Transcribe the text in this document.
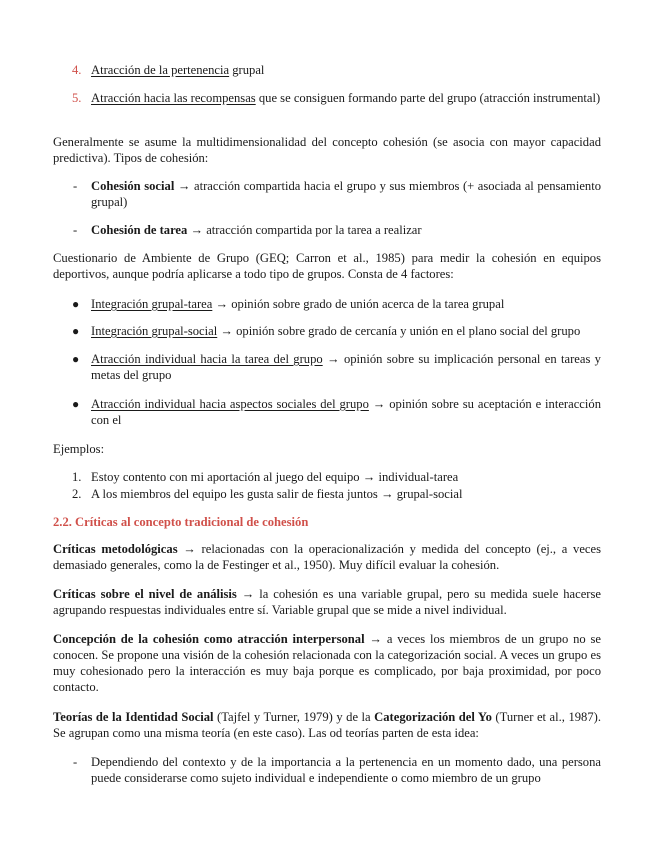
4. Atracción de la pertenencia grupal
5. Atracción hacia las recompensas que se consiguen formando parte del grupo (atracción instrumental)
Generalmente se asume la multidimensionalidad del concepto cohesión (se asocia con mayor capacidad predictiva). Tipos de cohesión:
- Cohesión social → atracción compartida hacia el grupo y sus miembros (+ asociada al pensamiento grupal)
- Cohesión de tarea → atracción compartida por la tarea a realizar
Cuestionario de Ambiente de Grupo (GEQ; Carron et al., 1985) para medir la cohesión en equipos deportivos, aunque podría aplicarse a todo tipo de grupos. Consta de 4 factores:
● Integración grupal-tarea → opinión sobre grado de unión acerca de la tarea grupal
● Integración grupal-social → opinión sobre grado de cercanía y unión en el plano social del grupo
● Atracción individual hacia la tarea del grupo → opinión sobre su implicación personal en tareas y metas del grupo
● Atracción individual hacia aspectos sociales del grupo → opinión sobre su aceptación e interacción con el
Ejemplos:
1. Estoy contento con mi aportación al juego del equipo → individual-tarea
2. A los miembros del equipo les gusta salir de fiesta juntos → grupal-social
2.2. Críticas al concepto tradicional de cohesión
Críticas metodológicas → relacionadas con la operacionalización y medida del concepto (ej., a veces demasiado generales, como la de Festinger et al., 1950). Muy difícil evaluar la cohesión.
Críticas sobre el nivel de análisis → la cohesión es una variable grupal, pero su medida suele hacerse agrupando respuestas individuales entre sí. Variable grupal que se mide a nivel individual.
Concepción de la cohesión como atracción interpersonal → a veces los miembros de un grupo no se conocen. Se propone una visión de la cohesión relacionada con la categorización social. A veces un grupo es muy cohesionado pero la interacción es muy baja porque es complicado, por baja proximidad, por poco contacto.
Teorías de la Identidad Social (Tajfel y Turner, 1979) y de la Categorización del Yo (Turner et al., 1987). Se agrupan como una misma teoría (en este caso). Las od teorías parten de esta idea:
- Dependiendo del contexto y de la importancia a la pertenencia en un momento dado, una persona puede considerarse como sujeto individual e independiente o como miembro de un grupo
